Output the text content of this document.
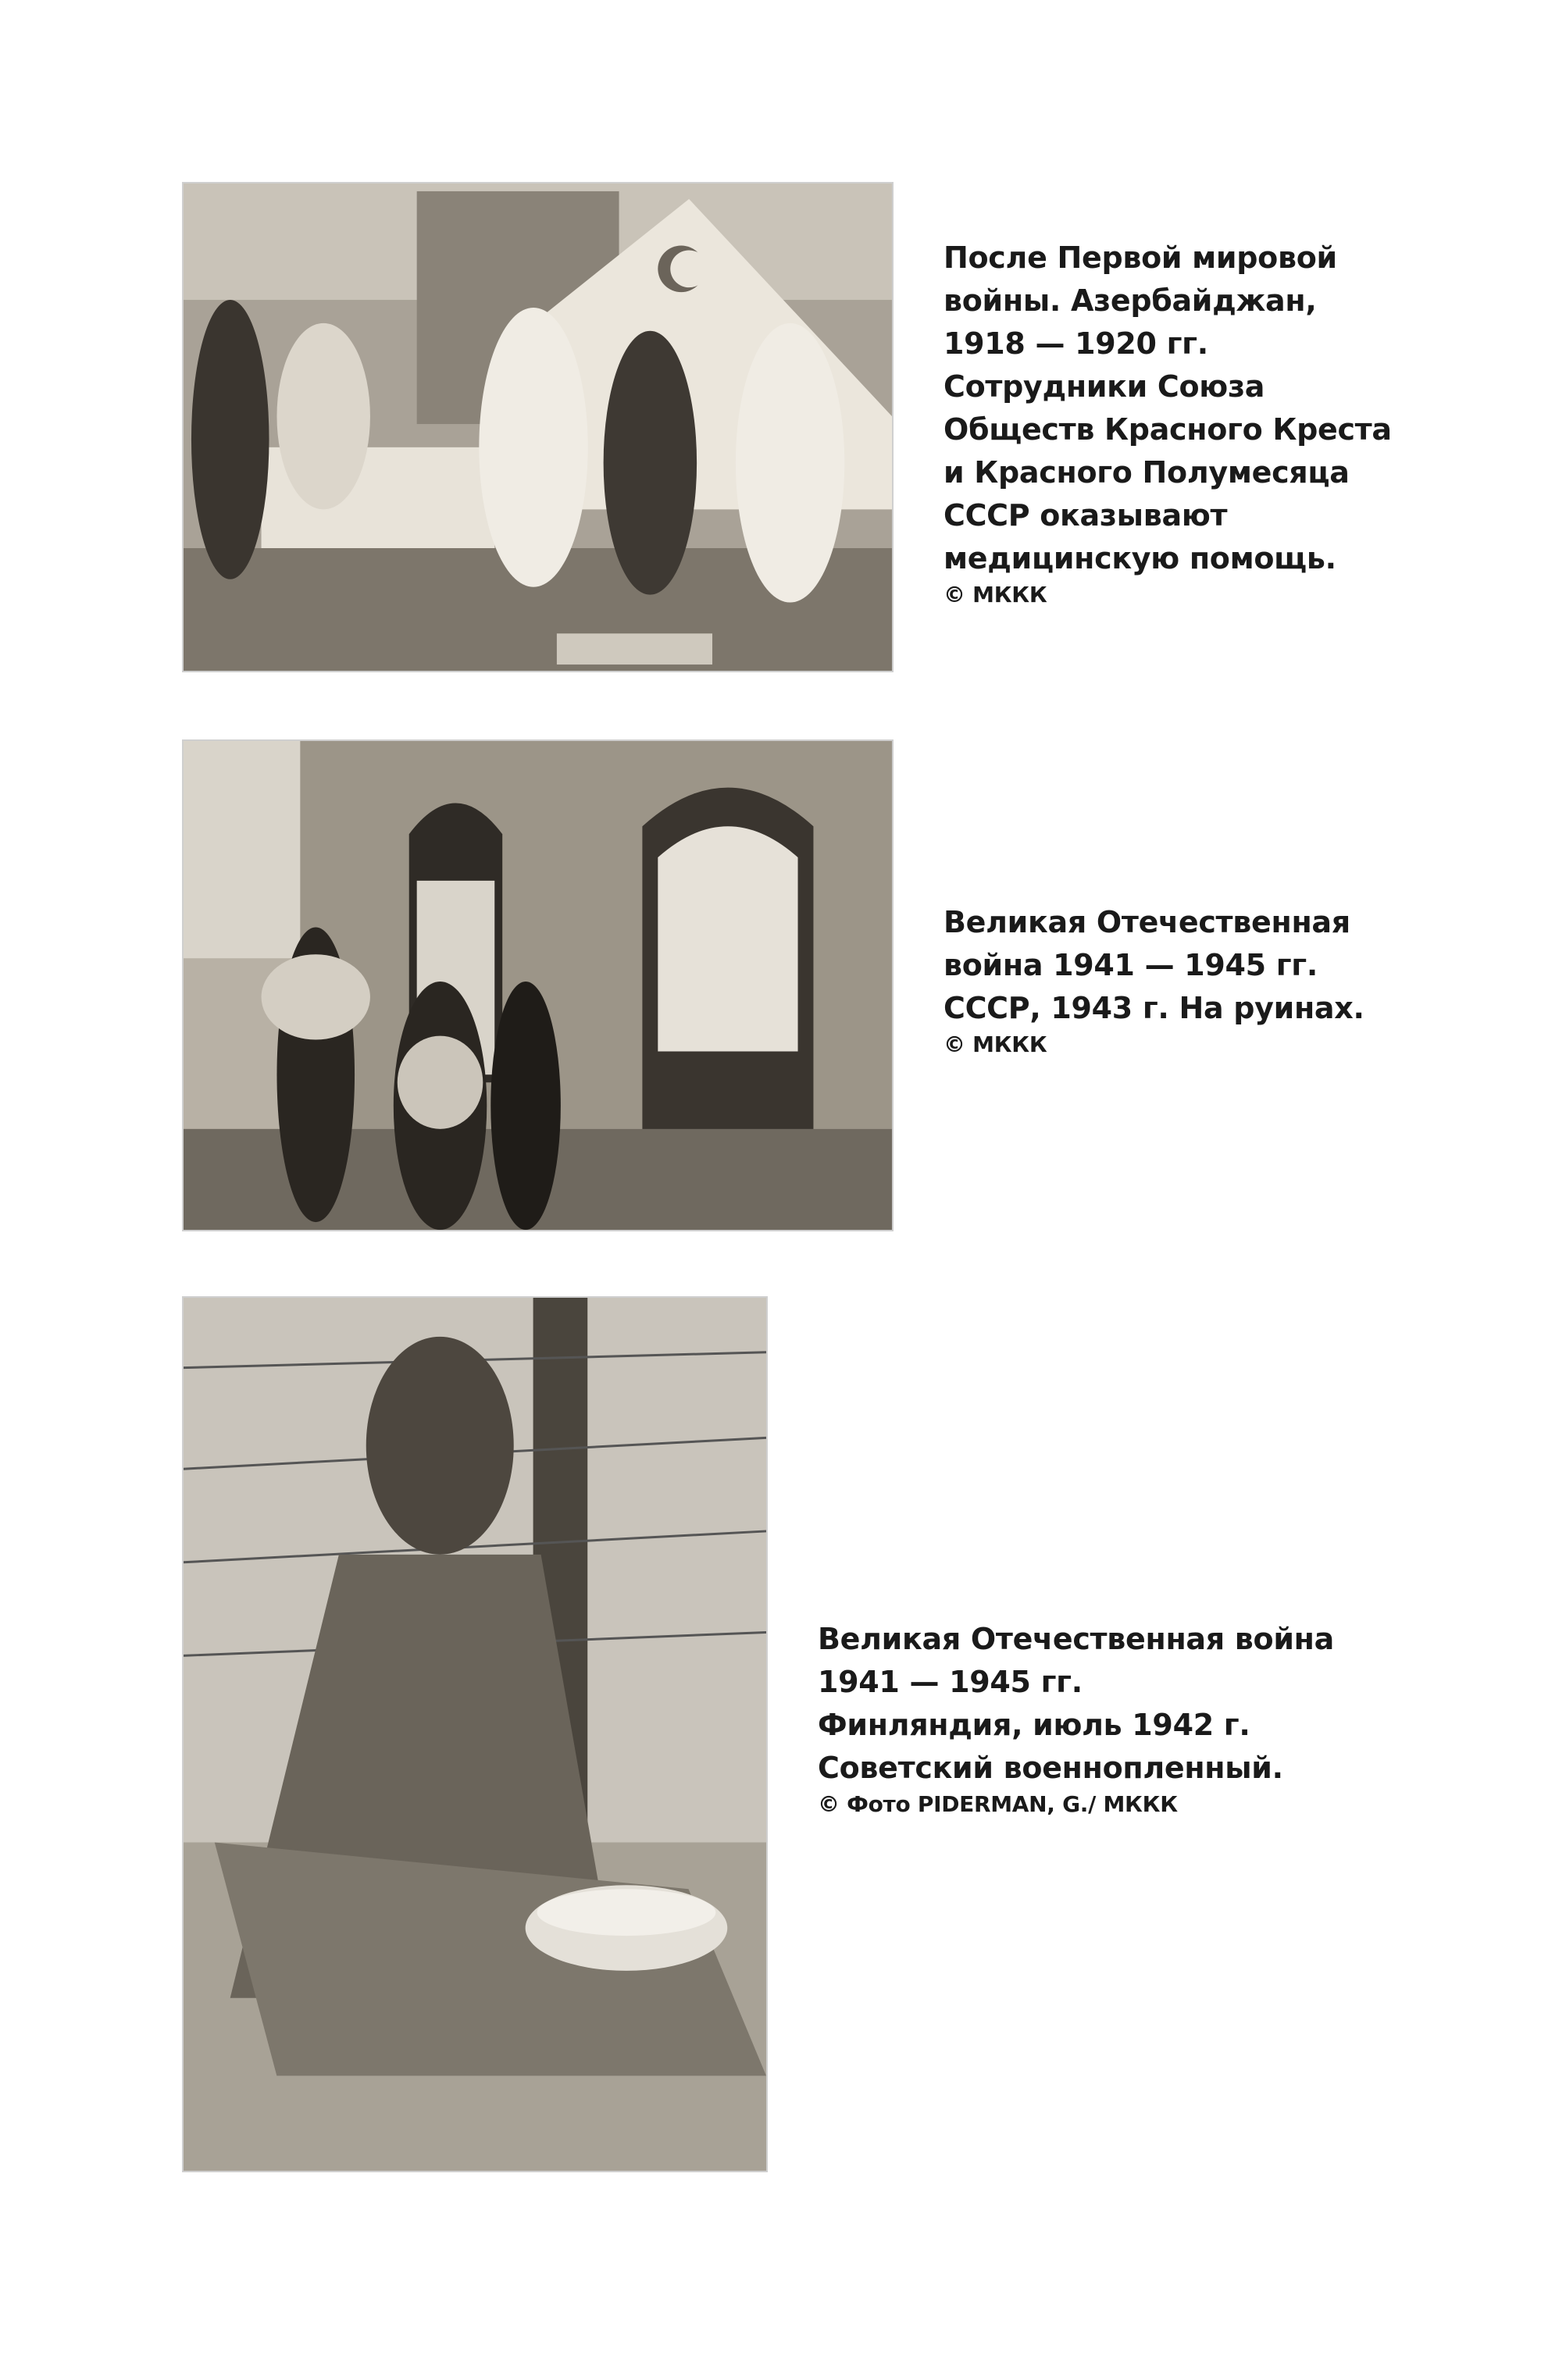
После Первой мировой
войны. Азербайджан,
1918 — 1920 гг.
Сотрудники Союза
Обществ Красного Креста
и Красного Полумесяца
СССР оказывают
медицинскую помощь.
© МККК
Великая Отечественная
война 1941 — 1945 гг.
СССР, 1943 г. На руинах.
© МККК
Великая Отечественная война
1941 — 1945 гг.
Финляндия, июль 1942 г.
Советский военнопленный.
© Фото PIDERMAN, G./ МККК
